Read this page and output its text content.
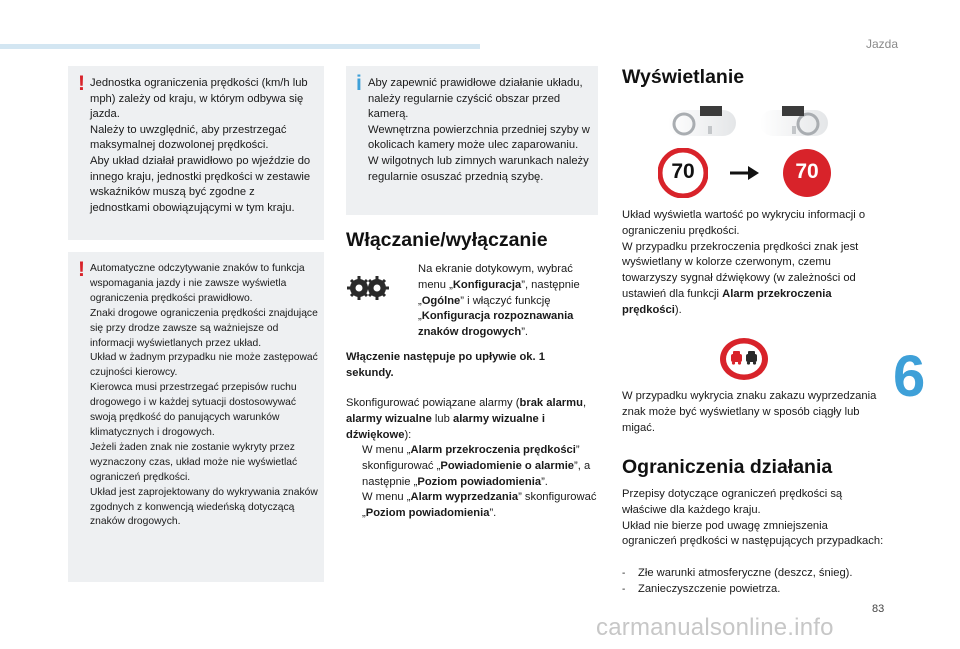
Jazda
6
83
! Jednostka ograniczenia prędkości (km/h lub mph) zależy od kraju, w którym odbywa się jazda.
Należy to uwzględnić, aby przestrzegać maksymalnej dozwolonej prędkości.
Aby układ działał prawidłowo po wjeździe do innego kraju, jednostki prędkości w zestawie wskaźników muszą być zgodne z jednostkami obowiązującymi w tym kraju.

! Automatyczne odczytywanie znaków to funkcja wspomagania jazdy i nie zawsze wyświetla ograniczenia prędkości prawidłowo.
Znaki drogowe ograniczenia prędkości znajdujące się przy drodze zawsze są ważniejsze od informacji wyświetlanych przez układ.
Układ w żadnym przypadku nie może zastępować czujności kierowcy.
Kierowca musi przestrzegać przepisów ruchu drogowego i w każdej sytuacji dostosowywać swoją prędkość do panujących warunków klimatycznych i drogowych.
Jeżeli żaden znak nie zostanie wykryty przez wyznaczony czas, układ może nie wyświetlać ograniczeń prędkości.
Układ jest zaprojektowany do wykrywania znaków zgodnych z konwencją wiedeńską dotyczącą znaków drogowych.

i Aby zapewnić prawidłowe działanie układu, należy regularnie czyścić obszar przed kamerą.
Wewnętrzna powierzchnia przedniej szyby w okolicach kamery może ulec zaparowaniu. W wilgotnych lub zimnych warunkach należy regularnie osuszać przednią szybę.

Włączanie/wyłączanie
Na ekranie dotykowym, wybrać menu „Konfiguracja”, następnie „Ogólne” i włączyć funkcję „Konfiguracja rozpoznawania znaków drogowych”.

Włączenie następuje po upływie ok. 1 sekundy.

Skonfigurować powiązane alarmy (brak alarmu, alarmy wizualne lub alarmy wizualne i dźwiękowe):

W menu „Alarm przekroczenia prędkości” skonfigurować „Powiadomienie o alarmie”, a następnie „Poziom powiadomienia”.
W menu „Alarm wyprzedzania” skonfigurować „Poziom powiadomienia”.
Wyświetlanie
70	70

Układ wyświetla wartość po wykryciu informacji o ograniczeniu prędkości.
W przypadku przekroczenia prędkości znak jest wyświetlany w kolorze czerwonym, czemu towarzyszy sygnał dźwiękowy (w zależności od ustawień dla funkcji Alarm przekroczenia prędkości).

W przypadku wykrycia znaku zakazu wyprzedzania znak może być wyświetlany w sposób ciągły lub migać.

Ograniczenia działania

Przepisy dotyczące ograniczeń prędkości są właściwe dla każdego kraju.
Układ nie bierze pod uwagę zmniejszenia ograniczeń prędkości w następujących przypadkach:

-	Złe warunki atmosferyczne (deszcz, śnieg).
-	Zanieczyszczenie powietrza.
carmanualsonline.info
